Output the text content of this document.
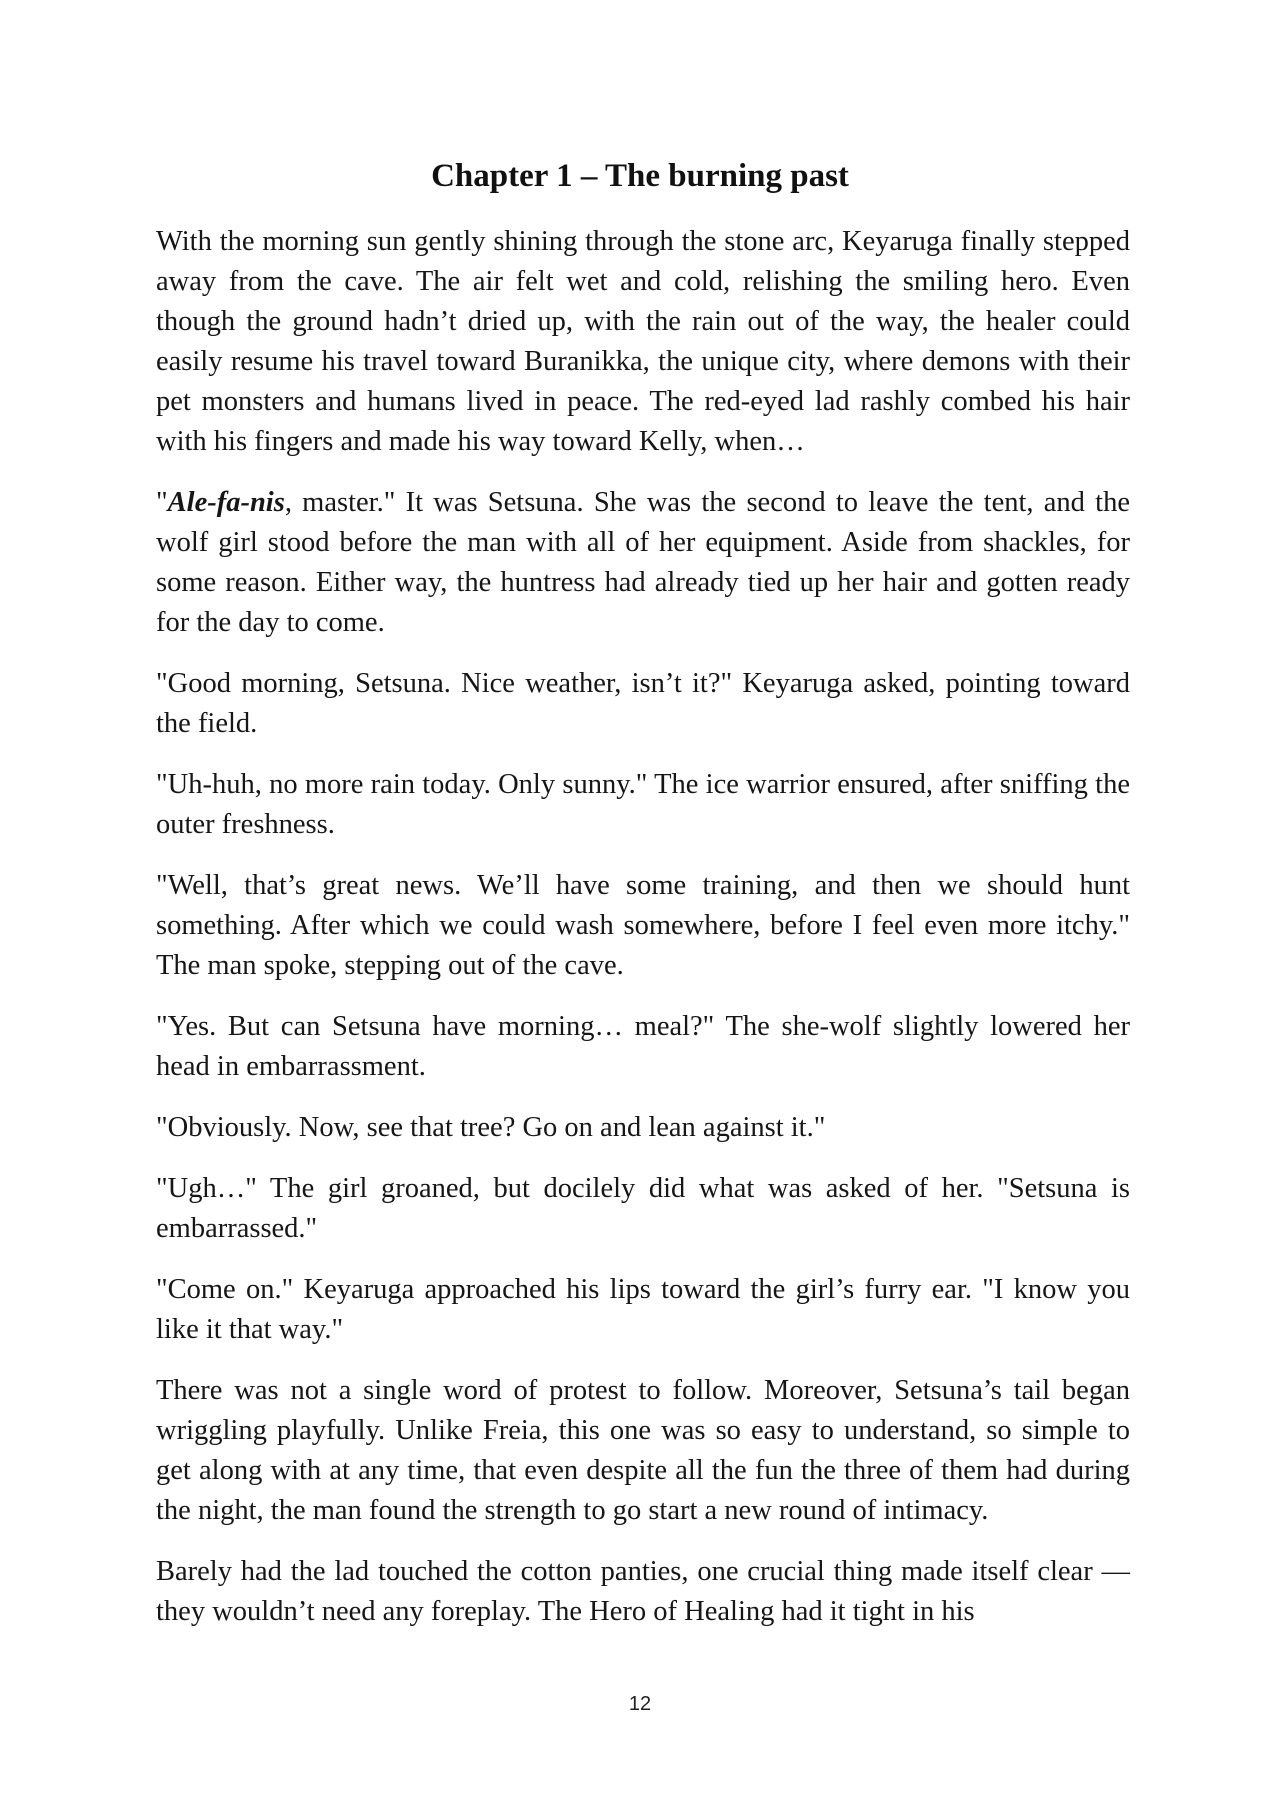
Chapter 1 – The burning past

With the morning sun gently shining through the stone arc, Keyaruga finally stepped away from the cave. The air felt wet and cold, relishing the smiling hero. Even though the ground hadn’t dried up, with the rain out of the way, the healer could easily resume his travel toward Buranikka, the unique city, where demons with their pet monsters and humans lived in peace. The red-eyed lad rashly combed his hair with his fingers and made his way toward Kelly, when…

"Ale-fa-nis, master." It was Setsuna. She was the second to leave the tent, and the wolf girl stood before the man with all of her equipment. Aside from shackles, for some reason. Either way, the huntress had already tied up her hair and gotten ready for the day to come.

"Good morning, Setsuna. Nice weather, isn’t it?" Keyaruga asked, pointing toward the field.

"Uh-huh, no more rain today. Only sunny." The ice warrior ensured, after sniffing the outer freshness.

"Well, that’s great news. We’ll have some training, and then we should hunt something. After which we could wash somewhere, before I feel even more itchy." The man spoke, stepping out of the cave.

"Yes. But can Setsuna have morning… meal?" The she-wolf slightly lowered her head in embarrassment.

"Obviously. Now, see that tree? Go on and lean against it."

"Ugh…" The girl groaned, but docilely did what was asked of her. "Setsuna is embarrassed."

"Come on." Keyaruga approached his lips toward the girl’s furry ear. "I know you like it that way."

There was not a single word of protest to follow. Moreover, Setsuna’s tail began wriggling playfully. Unlike Freia, this one was so easy to understand, so simple to get along with at any time, that even despite all the fun the three of them had during the night, the man found the strength to go start a new round of intimacy.

Barely had the lad touched the cotton panties, one crucial thing made itself clear — they wouldn’t need any foreplay. The Hero of Healing had it tight in his

12
